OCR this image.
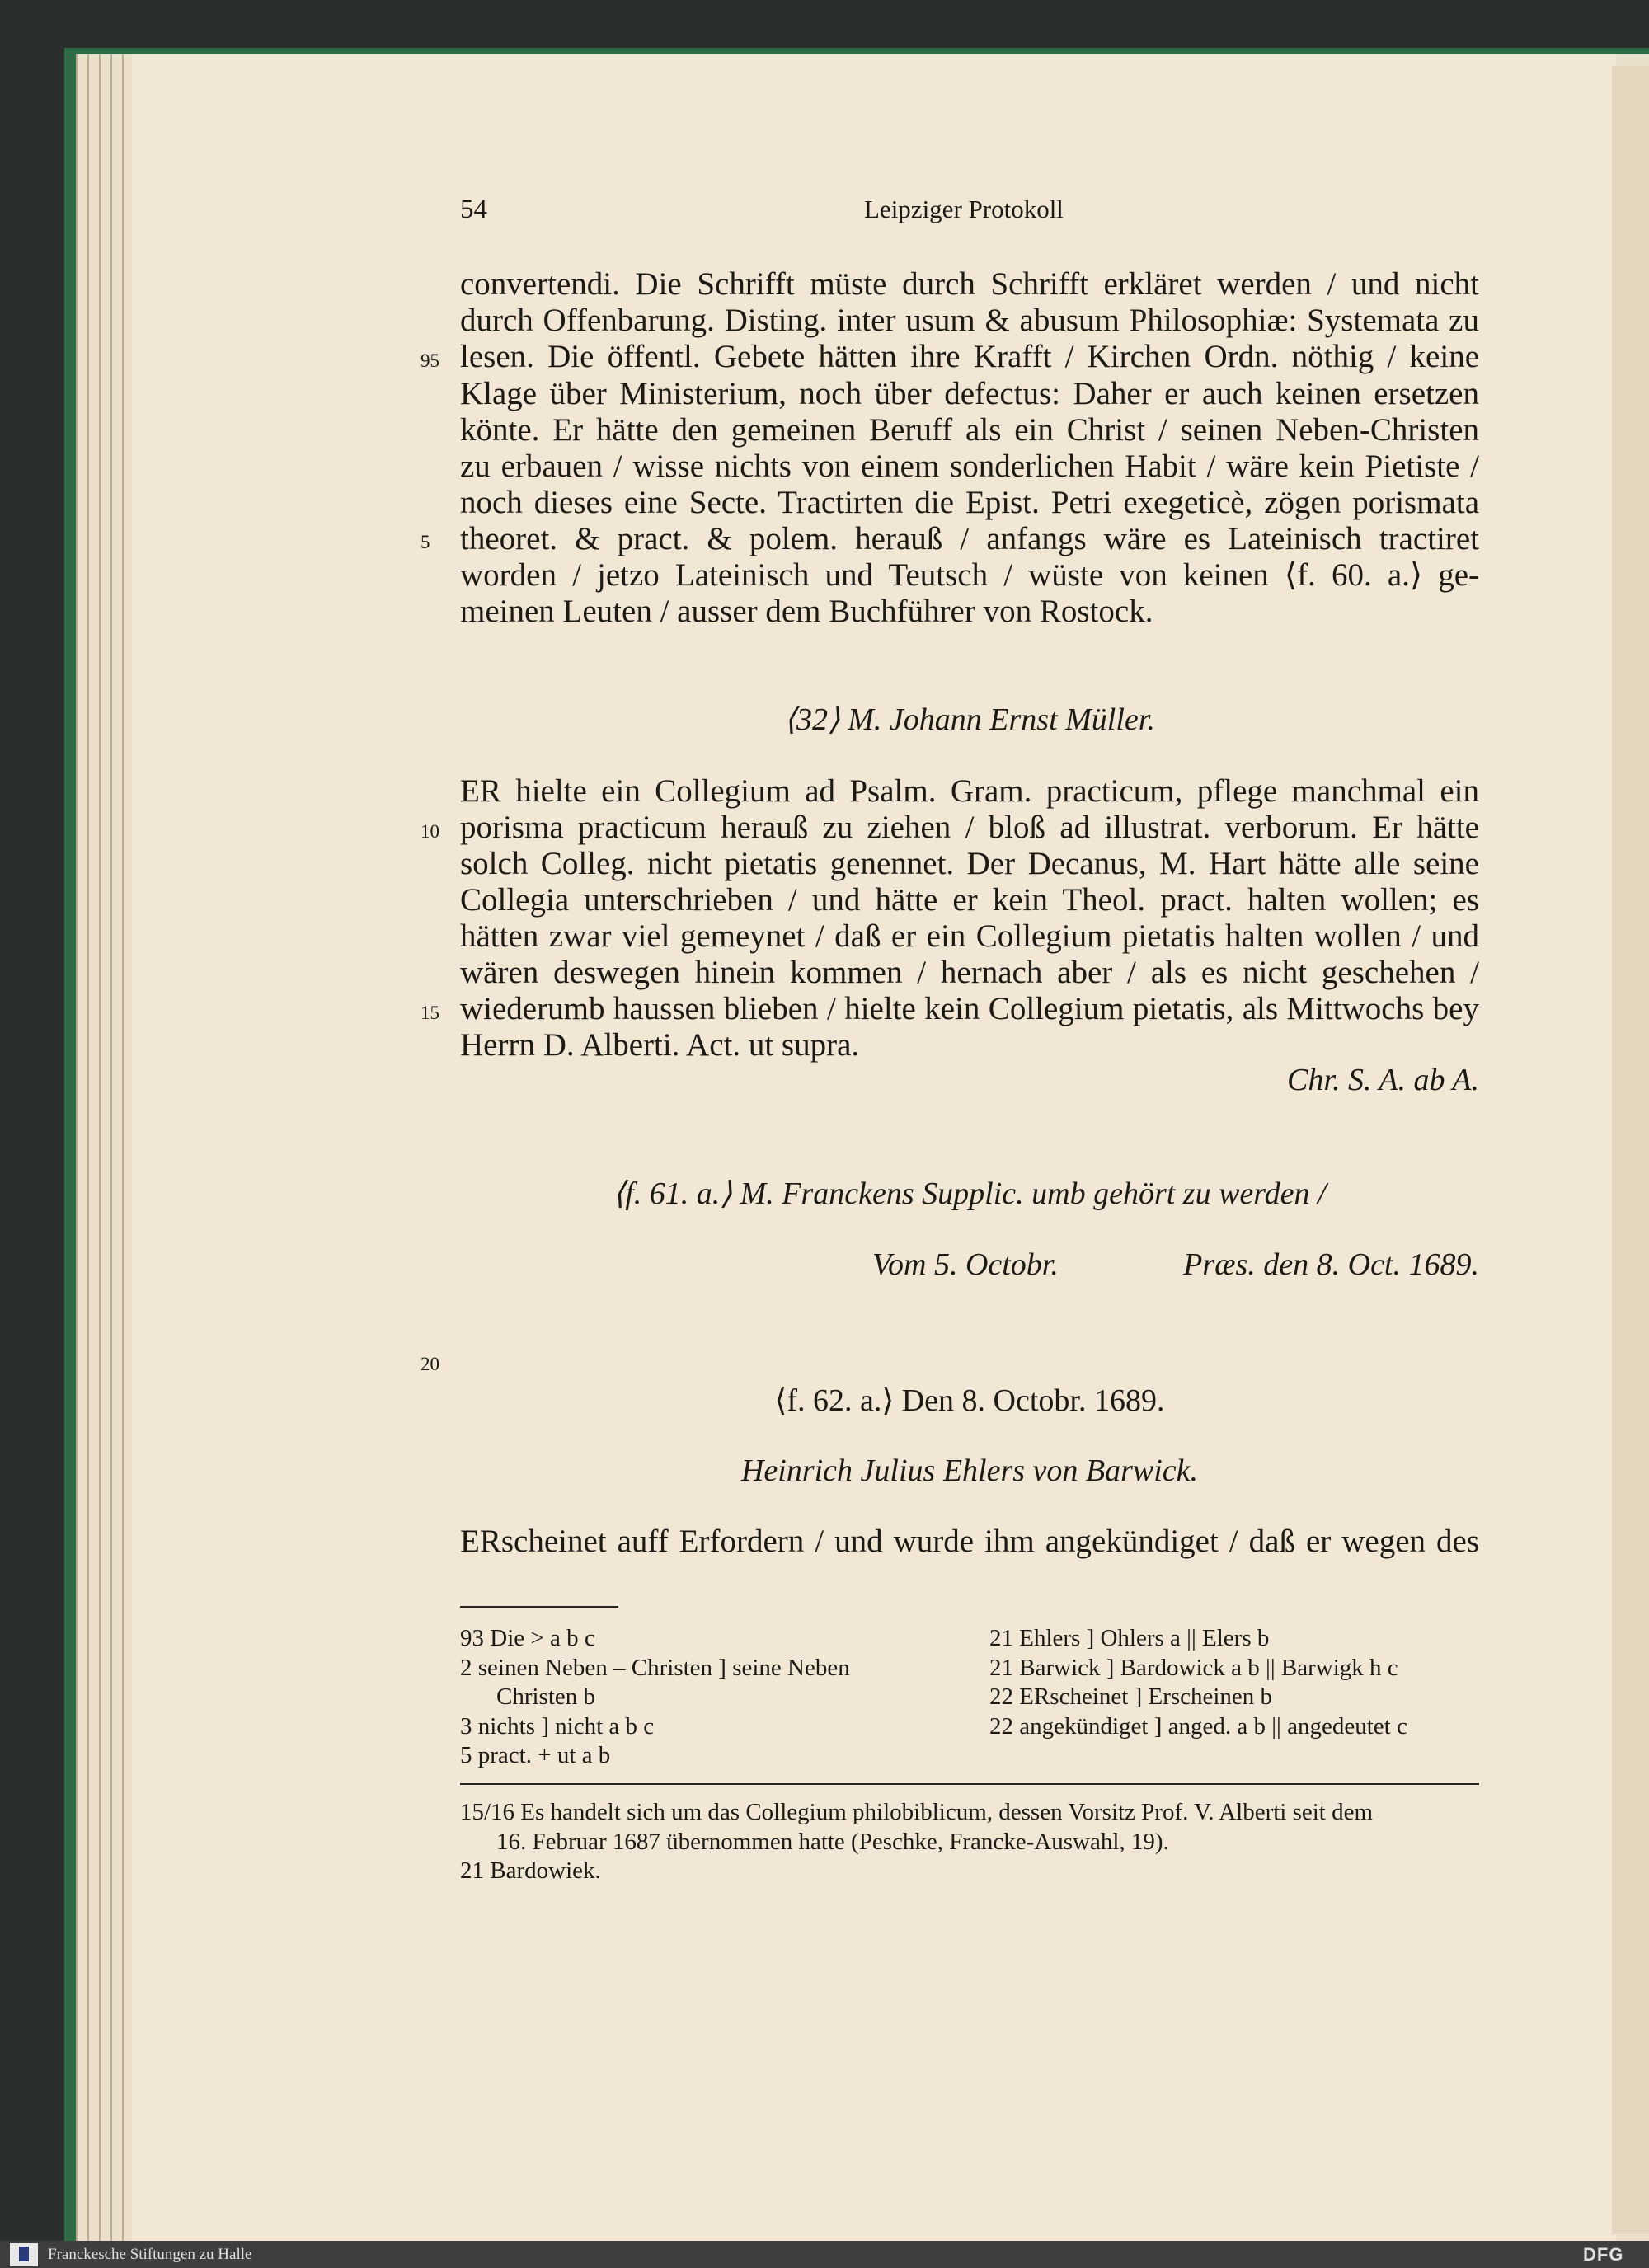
54	Leipziger Protokoll
convertendi. Die Schrifft müste durch Schrifft erkläret werden / und nicht
durch Offenbarung. Disting. inter usum & abusum Philosophiæ: Systemata zu
lesen. Die öffentl. Gebete hätten ihre Krafft / Kirchen Ordn. nöthig / keine
Klage über Ministerium, noch über defectus: Daher er auch keinen ersetzen
könte. Er hätte den gemeinen Beruff als ein Christ / seinen Neben-Christen
zu erbauen / wisse nichts von einem sonderlichen Habit / wäre kein Pietiste /
noch dieses eine Secte. Tractirten die Epist. Petri exegeticè, zögen porismata
theoret. & pract. & polem. herauß / anfangs wäre es Lateinisch tractiret
worden / jetzo Lateinisch und Teutsch / wüste von keinen ⟨f. 60. a.⟩ ge-
meinen Leuten / ausser dem Buchführer von Rostock.
95
5
⟨32⟩ M. Johann Ernst Müller.
ER hielte ein Collegium ad Psalm. Gram. practicum, pflege manchmal ein
porisma practicum herauß zu ziehen / bloß ad illustrat. verborum. Er hätte
solch Colleg. nicht pietatis genennet. Der Decanus, M. Hart hätte alle seine
Collegia unterschrieben / und hätte er kein Theol. pract. halten wollen; es
hätten zwar viel gemeynet / daß er ein Collegium pietatis halten wollen / und
wären deswegen hinein kommen / hernach aber / als es nicht geschehen /
wiederumb haussen blieben / hielte kein Collegium pietatis, als Mittwochs bey
Herrn D. Alberti. Act. ut supra.
10
15
Chr. S. A. ab A.
⟨f. 61. a.⟩ M. Franckens Supplic. umb gehört zu werden /
Vom 5. Octobr.	Præs. den 8. Oct. 1689.
20
⟨f. 62. a.⟩ Den 8. Octobr. 1689.
Heinrich Julius Ehlers von Barwick.
ERscheinet auff Erfordern / und wurde ihm angekündiget / daß er wegen des
93 Die > a b c
2 seinen Neben – Christen ] seine Neben
Christen b
3 nichts ] nicht a b c
5 pract. + ut a b
21 Ehlers ] Ohlers a || Elers b
21 Barwick ] Bardowick a b || Barwigk h c
22 ERscheinet ] Erscheinen b
22 angekündiget ] anged. a b || angedeutet c
15/16 Es handelt sich um das Collegium philobiblicum, dessen Vorsitz Prof. V. Alberti seit dem
16. Februar 1687 übernommen hatte (Peschke, Francke-Auswahl, 19).
21 Bardowiek.
Franckesche Stiftungen zu Halle	DFG
